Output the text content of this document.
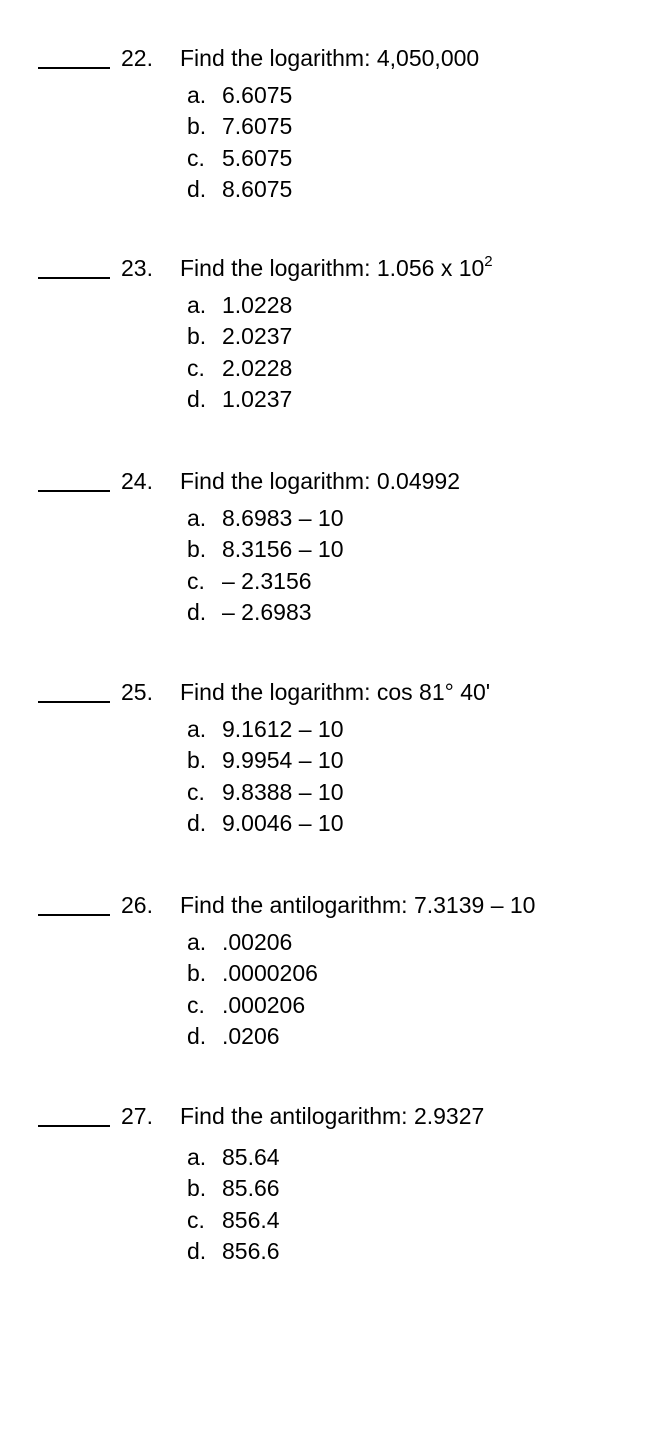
22. Find the logarithm: 4,050,000
a. 6.6075
b. 7.6075
c. 5.6075
d. 8.6075
23. Find the logarithm: 1.056 x $10^2$
a. 1.0228
b. 2.0237
c. 2.0228
d. 1.0237
24. Find the logarithm: 0.04992
a. 8.6983 – 10
b. 8.3156 – 10
c. – 2.3156
d. – 2.6983
25. Find the logarithm: cos 81° 40'
a. 9.1612 – 10
b. 9.9954 – 10
c. 9.8388 – 10
d. 9.0046 – 10
26. Find the antilogarithm: 7.3139 – 10
a. .00206
b. .0000206
c. .000206
d. .0206
27. Find the antilogarithm: 2.9327
a. 85.64
b. 85.66
c. 856.4
d. 856.6
